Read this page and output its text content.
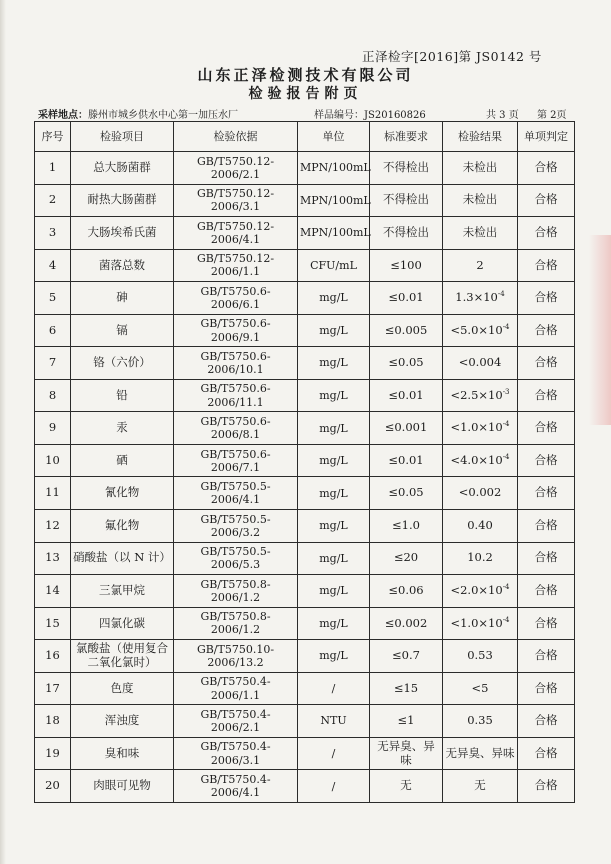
正泽检字[2016]第 JS0142 号
山东正泽检测技术有限公司
检验报告附页
采样地点：滕州市城乡供水中心第一加压水厂	样品编号：JS20160826	共 3 页 第 2页
序号	检验项目	检验依据	单位	标准要求	检验结果	单项判定
1	总大肠菌群	GB/T5750.12-2006/2.1	MPN/100mL	不得检出	未检出	合格
2	耐热大肠菌群	GB/T5750.12-2006/3.1	MPN/100mL	不得检出	未检出	合格
3	大肠埃希氏菌	GB/T5750.12-2006/4.1	MPN/100mL	不得检出	未检出	合格
4	菌落总数	GB/T5750.12-2006/1.1	CFU/mL	≤100	2	合格
5	砷	GB/T5750.6-2006/6.1	mg/L	≤0.01	$1.3\times 10^{-4}$	合格
6	镉	GB/T5750.6-2006/9.1	mg/L	≤0.005	$<5.0\times 10^{-4}$	合格
7	铬（六价）	GB/T5750.6-2006/10.1	mg/L	≤0.05	<0.004	合格
8	铅	GB/T5750.6-2006/11.1	mg/L	≤0.01	$<2.5\times 10^{-3}$	合格
9	汞	GB/T5750.6-2006/8.1	mg/L	≤0.001	$<1.0\times 10^{-4}$	合格
10	硒	GB/T5750.6-2006/7.1	mg/L	≤0.01	$<4.0\times 10^{-4}$	合格
11	氰化物	GB/T5750.5-2006/4.1	mg/L	≤0.05	<0.002	合格
12	氟化物	GB/T5750.5-2006/3.2	mg/L	≤1.0	0.40	合格
13	硝酸盐（以 N 计）	GB/T5750.5-2006/5.3	mg/L	≤20	10.2	合格
14	三氯甲烷	GB/T5750.8-2006/1.2	mg/L	≤0.06	$<2.0\times 10^{-4}$	合格
15	四氯化碳	GB/T5750.8-2006/1.2	mg/L	≤0.002	$<1.0\times 10^{-4}$	合格
16	氯酸盐（使用复合二氧化氯时）	GB/T5750.10-2006/13.2	mg/L	≤0.7	0.53	合格
17	色度	GB/T5750.4-2006/1.1	/	≤15	<5	合格
18	浑浊度	GB/T5750.4-2006/2.1	NTU	≤1	0.35	合格
19	臭和味	GB/T5750.4-2006/3.1	/	无异臭、异味	无异臭、异味	合格
20	肉眼可见物	GB/T5750.4-2006/4.1	/	无	无	合格
